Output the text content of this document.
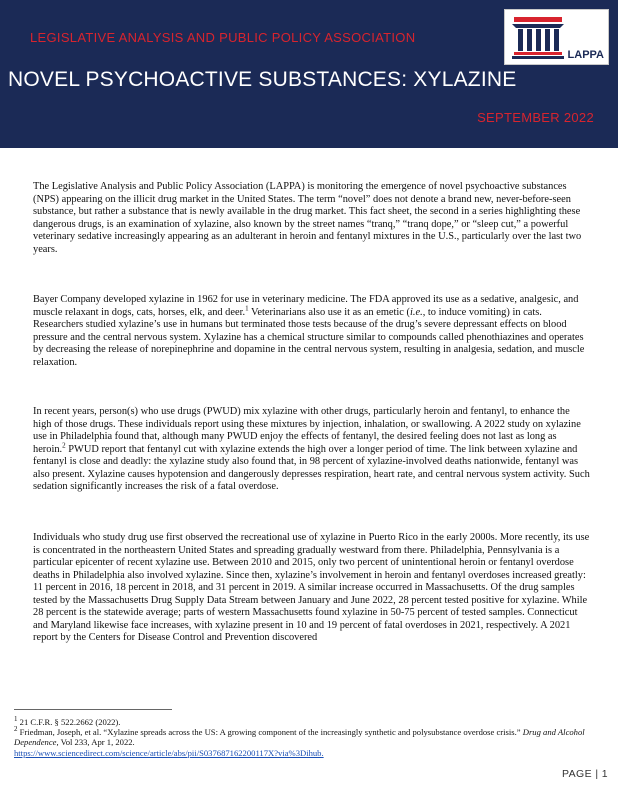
LEGISLATIVE ANALYSIS AND PUBLIC POLICY ASSOCIATION
LAPPA
NOVEL PSYCHOACTIVE SUBSTANCES: XYLAZINE
SEPTEMBER 2022

The Legislative Analysis and Public Policy Association (LAPPA) is monitoring the emergence of novel psychoactive substances (NPS) appearing on the illicit drug market in the United States. The term “novel” does not denote a brand new, never-before-seen substance, but rather a substance that is newly available in the drug market. This fact sheet, the second in a series highlighting these dangerous drugs, is an examination of xylazine, also known by the street names “tranq,” “tranq dope,” or “sleep cut,” a powerful veterinary sedative increasingly appearing as an adulterant in heroin and fentanyl mixtures in the U.S., particularly over the last two years.

Bayer Company developed xylazine in 1962 for use in veterinary medicine. The FDA approved its use as a sedative, analgesic, and muscle relaxant in dogs, cats, horses, elk, and deer.$^1$ Veterinarians also use it as an emetic (i.e., to induce vomiting) in cats. Researchers studied xylazine’s use in humans but terminated those tests because of the drug’s severe depressant effects on blood pressure and the central nervous system. Xylazine has a chemical structure similar to compounds called phenothiazines and operates by decreasing the release of norepinephrine and dopamine in the central nervous system, resulting in analgesia, sedation, and muscle relaxation.

In recent years, person(s) who use drugs (PWUD) mix xylazine with other drugs, particularly heroin and fentanyl, to enhance the high of those drugs. These individuals report using these mixtures by injection, inhalation, or swallowing. A 2022 study on xylazine use in Philadelphia found that, although many PWUD enjoy the effects of fentanyl, the desired feeling does not last as long as heroin.$^2$ PWUD report that fentanyl cut with xylazine extends the high over a longer period of time. The link between xylazine and fentanyl is close and deadly: the xylazine study also found that, in 98 percent of xylazine-involved deaths nationwide, fentanyl was also present. Xylazine causes hypotension and dangerously depresses respiration, heart rate, and central nervous system activity. Such sedation significantly increases the risk of a fatal overdose.

Individuals who study drug use first observed the recreational use of xylazine in Puerto Rico in the early 2000s. More recently, its use is concentrated in the northeastern United States and spreading gradually westward from there. Philadelphia, Pennsylvania is a particular epicenter of recent xylazine use. Between 2010 and 2015, only two percent of unintentional heroin or fentanyl overdose deaths in Philadelphia also involved xylazine. Since then, xylazine’s involvement in heroin and fentanyl overdoses increased greatly: 11 percent in 2016, 18 percent in 2018, and 31 percent in 2019. A similar increase occurred in Massachusetts. Of the drug samples tested by the Massachusetts Drug Supply Data Stream between January and June 2022, 28 percent tested positive for xylazine. While 28 percent is the statewide average; parts of western Massachusetts found xylazine in 50-75 percent of tested samples. Connecticut and Maryland likewise face increases, with xylazine present in 10 and 19 percent of fatal overdoses in 2021, respectively. A 2021 report by the Centers for Disease Control and Prevention discovered

$^1$ 21 C.F.R. § 522.2662 (2022).
$^2$ Friedman, Joseph, et al. “Xylazine spreads across the US: A growing component of the increasingly synthetic and polysubstance overdose crisis.” Drug and Alcohol Dependence, Vol 233, Apr 1, 2022.
https://www.sciencedirect.com/science/article/abs/pii/S037687162200117X?via%3Dihub.
PAGE | 1
